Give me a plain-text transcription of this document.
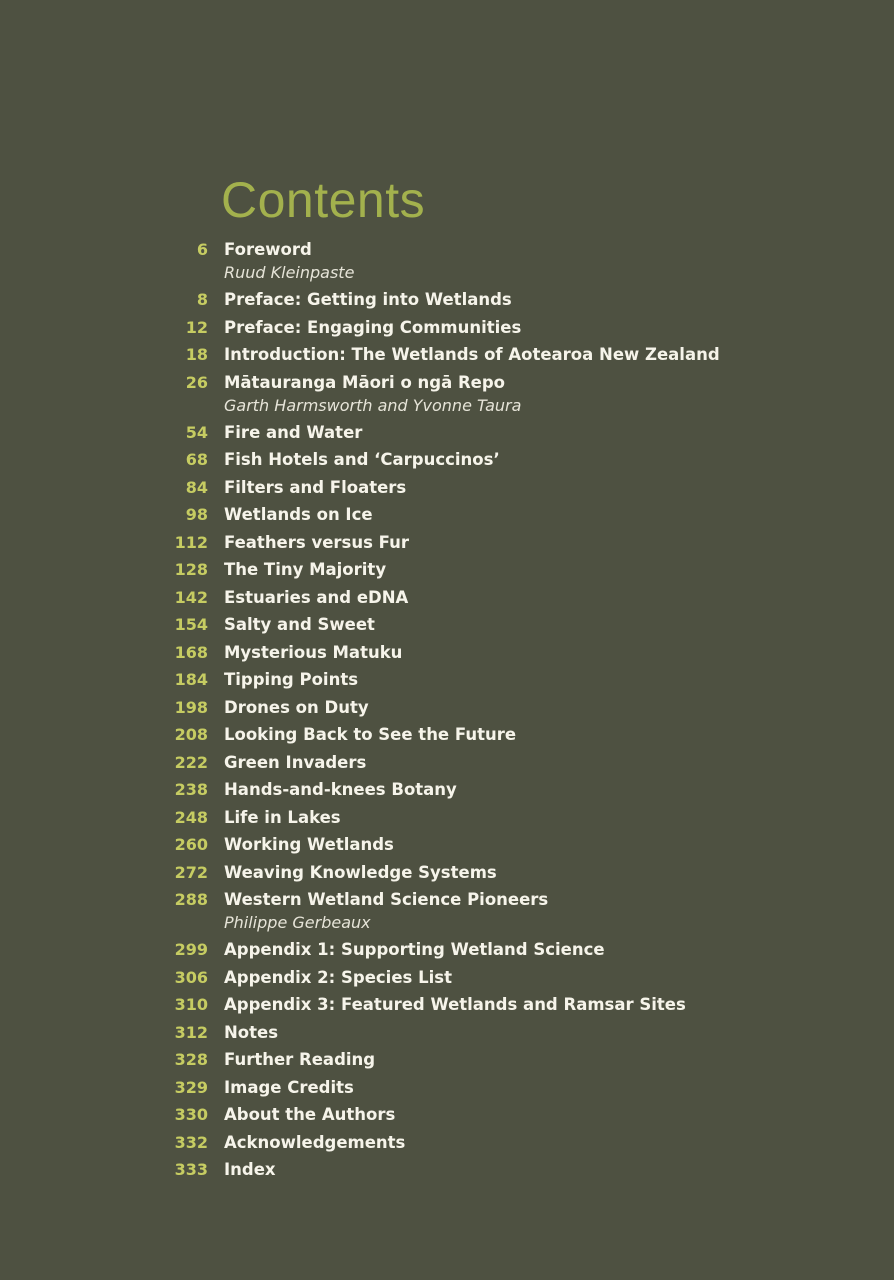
Contents
6 Foreword
Ruud Kleinpaste
8 Preface: Getting into Wetlands
12 Preface: Engaging Communities
18 Introduction: The Wetlands of Aotearoa New Zealand
26 Mātauranga Māori o ngā Repo
Garth Harmsworth and Yvonne Taura
54 Fire and Water
68 Fish Hotels and ‘Carpuccinos’
84 Filters and Floaters
98 Wetlands on Ice
112 Feathers versus Fur
128 The Tiny Majority
142 Estuaries and eDNA
154 Salty and Sweet
168 Mysterious Matuku
184 Tipping Points
198 Drones on Duty
208 Looking Back to See the Future
222 Green Invaders
238 Hands-and-knees Botany
248 Life in Lakes
260 Working Wetlands
272 Weaving Knowledge Systems
288 Western Wetland Science Pioneers
Philippe Gerbeaux
299 Appendix 1: Supporting Wetland Science
306 Appendix 2: Species List
310 Appendix 3: Featured Wetlands and Ramsar Sites
312 Notes
328 Further Reading
329 Image Credits
330 About the Authors
332 Acknowledgements
333 Index
